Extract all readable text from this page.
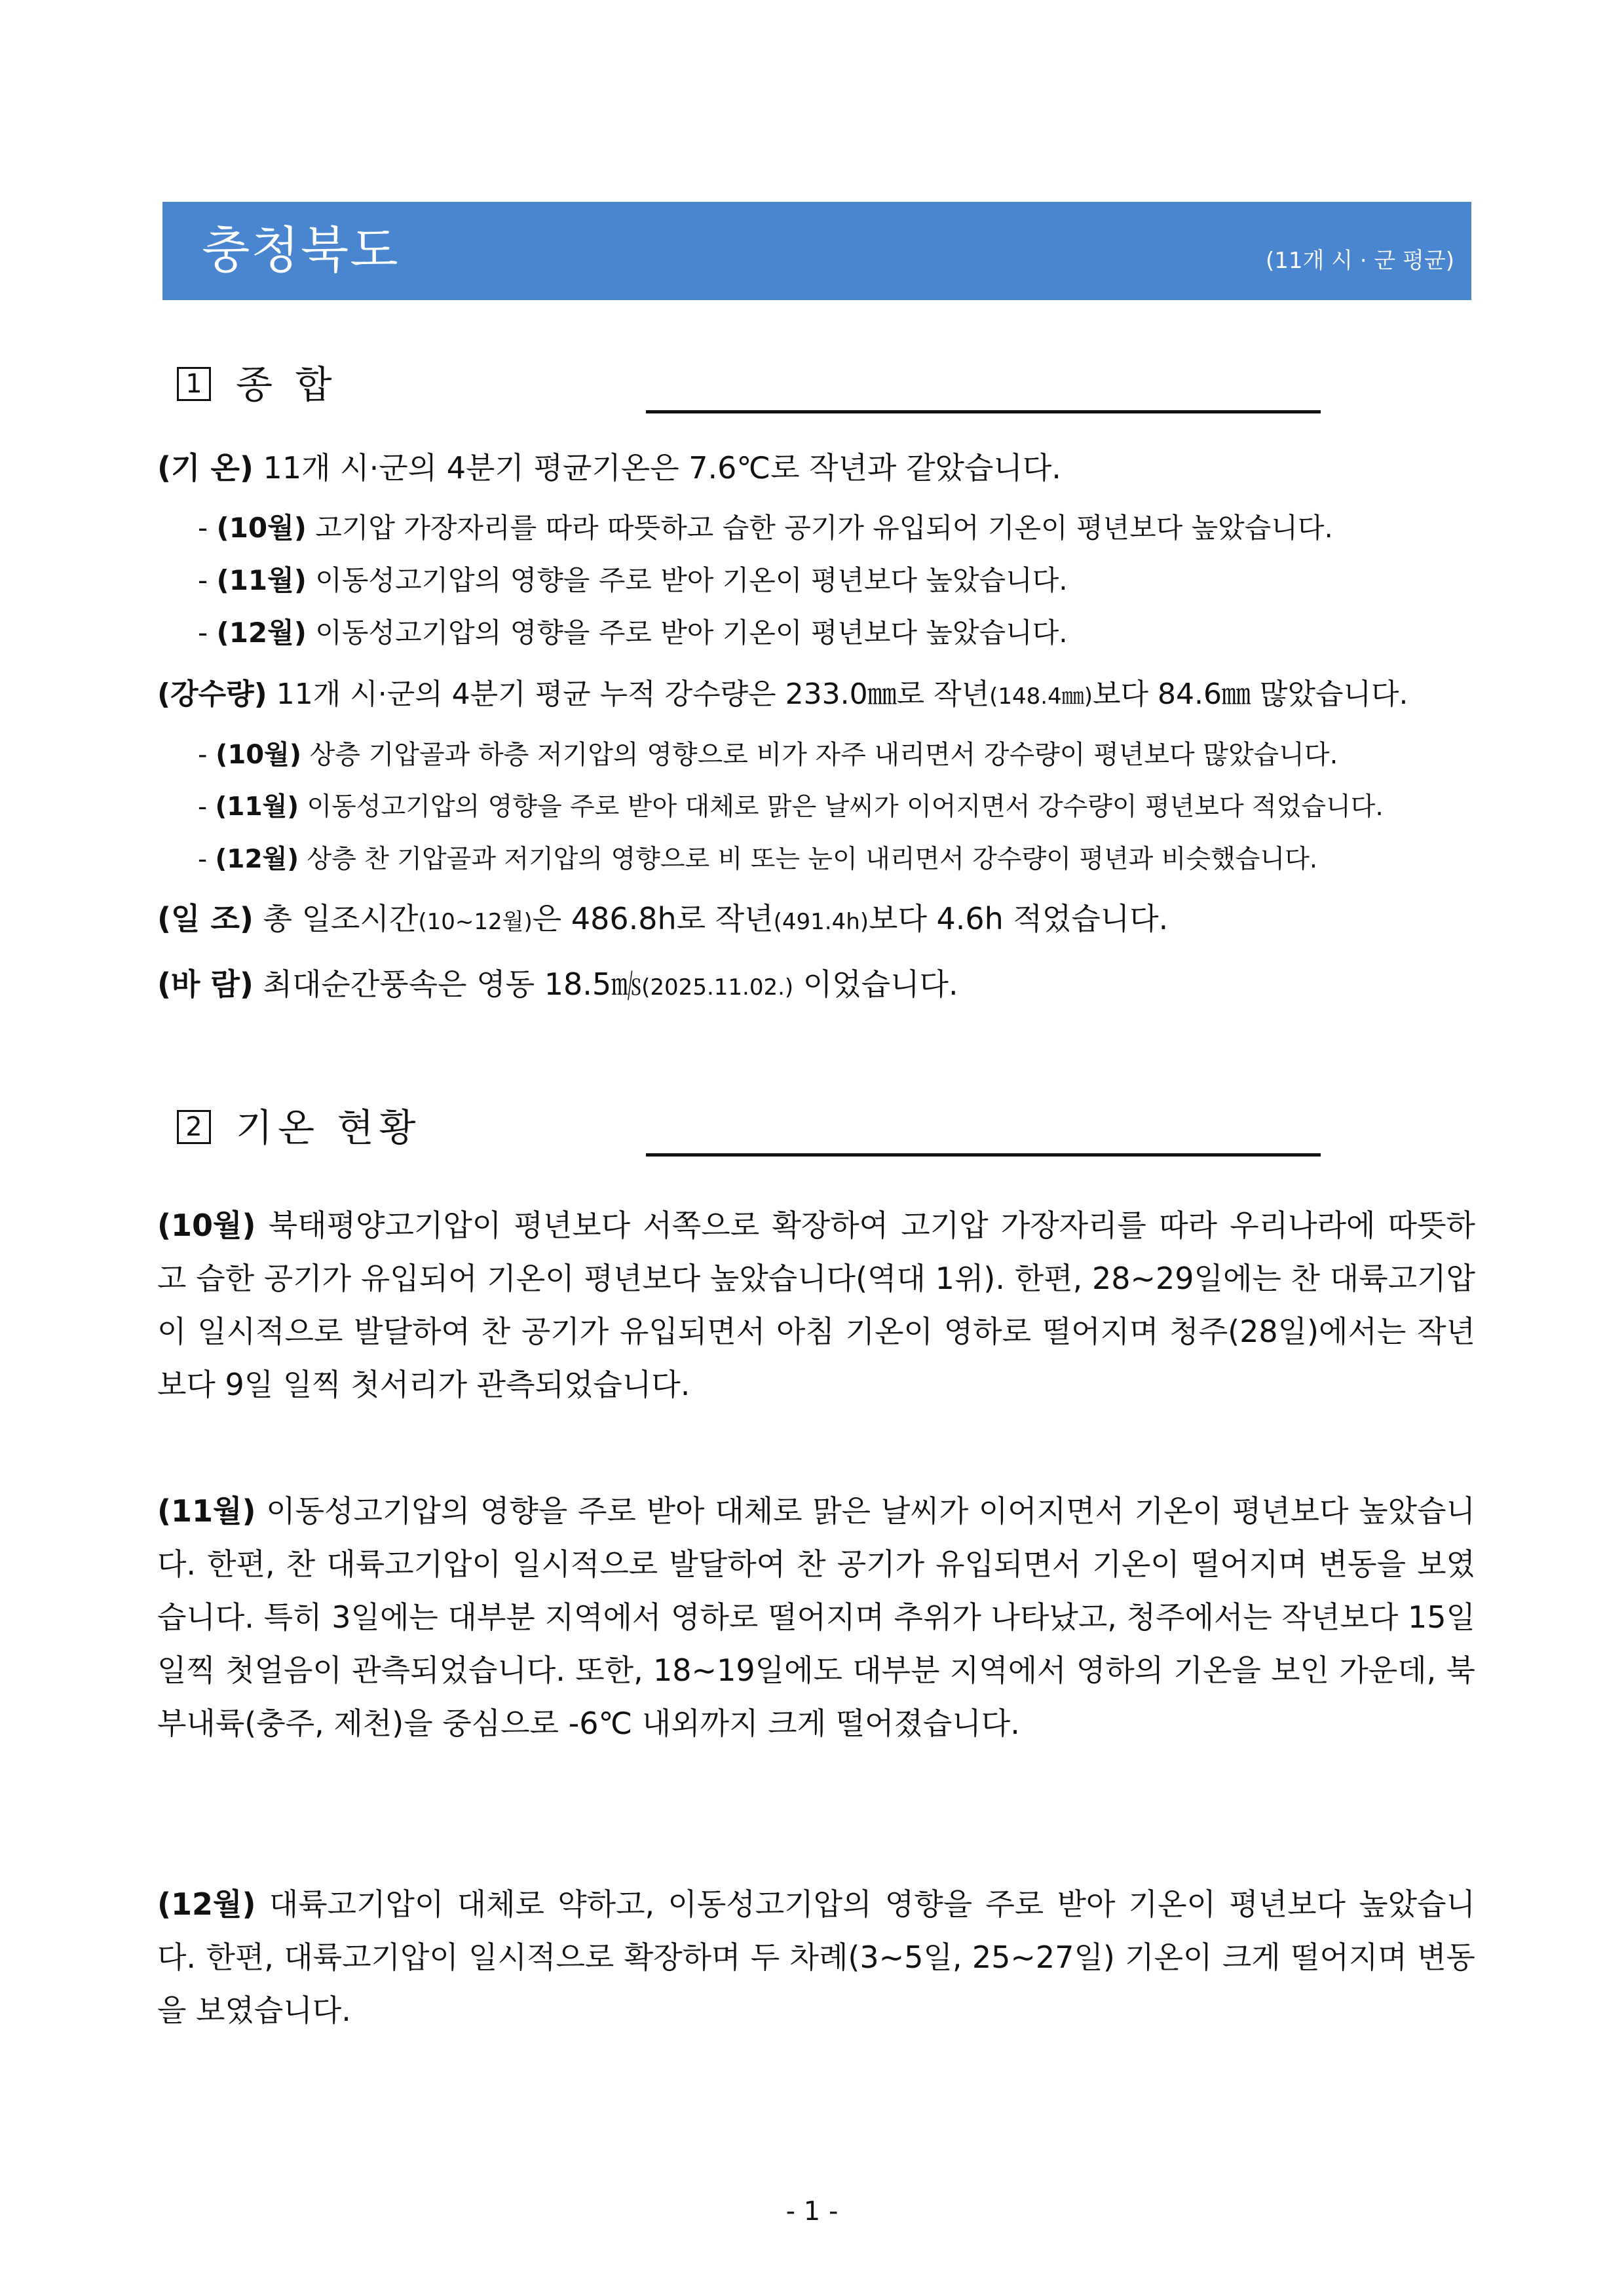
충청북도	(11개 시 · 군 평균)
1 종 합
(기 온) 11개 시·군의 4분기 평균기온은 7.6℃로 작년과 같았습니다.
- (10월) 고기압 가장자리를 따라 따뜻하고 습한 공기가 유입되어 기온이 평년보다 높았습니다.
- (11월) 이동성고기압의 영향을 주로 받아 기온이 평년보다 높았습니다.
- (12월) 이동성고기압의 영향을 주로 받아 기온이 평년보다 높았습니다.
(강수량) 11개 시·군의 4분기 평균 누적 강수량은 233.0㎜로 작년(148.4㎜)보다 84.6㎜ 많았습니다.
- (10월) 상층 기압골과 하층 저기압의 영향으로 비가 자주 내리면서 강수량이 평년보다 많았습니다.
- (11월) 이동성고기압의 영향을 주로 받아 대체로 맑은 날씨가 이어지면서 강수량이 평년보다 적었습니다.
- (12월) 상층 찬 기압골과 저기압의 영향으로 비 또는 눈이 내리면서 강수량이 평년과 비슷했습니다.
(일 조) 총 일조시간(10~12월)은 486.8h로 작년(491.4h)보다 4.6h 적었습니다.
(바 람) 최대순간풍속은 영동 18.5㎧(2025.11.02.) 이었습니다.
2 기온 현황
(10월) 북태평양고기압이 평년보다 서쪽으로 확장하여 고기압 가장자리를 따라 우리나라에 따뜻하고 습한 공기가 유입되어 기온이 평년보다 높았습니다(역대 1위). 한편, 28~29일에는 찬 대륙고기압이 일시적으로 발달하여 찬 공기가 유입되면서 아침 기온이 영하로 떨어지며 청주(28일)에서는 작년보다 9일 일찍 첫서리가 관측되었습니다.
(11월) 이동성고기압의 영향을 주로 받아 대체로 맑은 날씨가 이어지면서 기온이 평년보다 높았습니다. 한편, 찬 대륙고기압이 일시적으로 발달하여 찬 공기가 유입되면서 기온이 떨어지며 변동을 보였습니다. 특히 3일에는 대부분 지역에서 영하로 떨어지며 추위가 나타났고, 청주에서는 작년보다 15일 일찍 첫얼음이 관측되었습니다. 또한, 18~19일에도 대부분 지역에서 영하의 기온을 보인 가운데, 북부내륙(충주, 제천)을 중심으로 -6℃ 내외까지 크게 떨어졌습니다.
(12월) 대륙고기압이 대체로 약하고, 이동성고기압의 영향을 주로 받아 기온이 평년보다 높았습니다. 한편, 대륙고기압이 일시적으로 확장하며 두 차례(3~5일, 25~27일) 기온이 크게 떨어지며 변동을 보였습니다.
- 1 -
